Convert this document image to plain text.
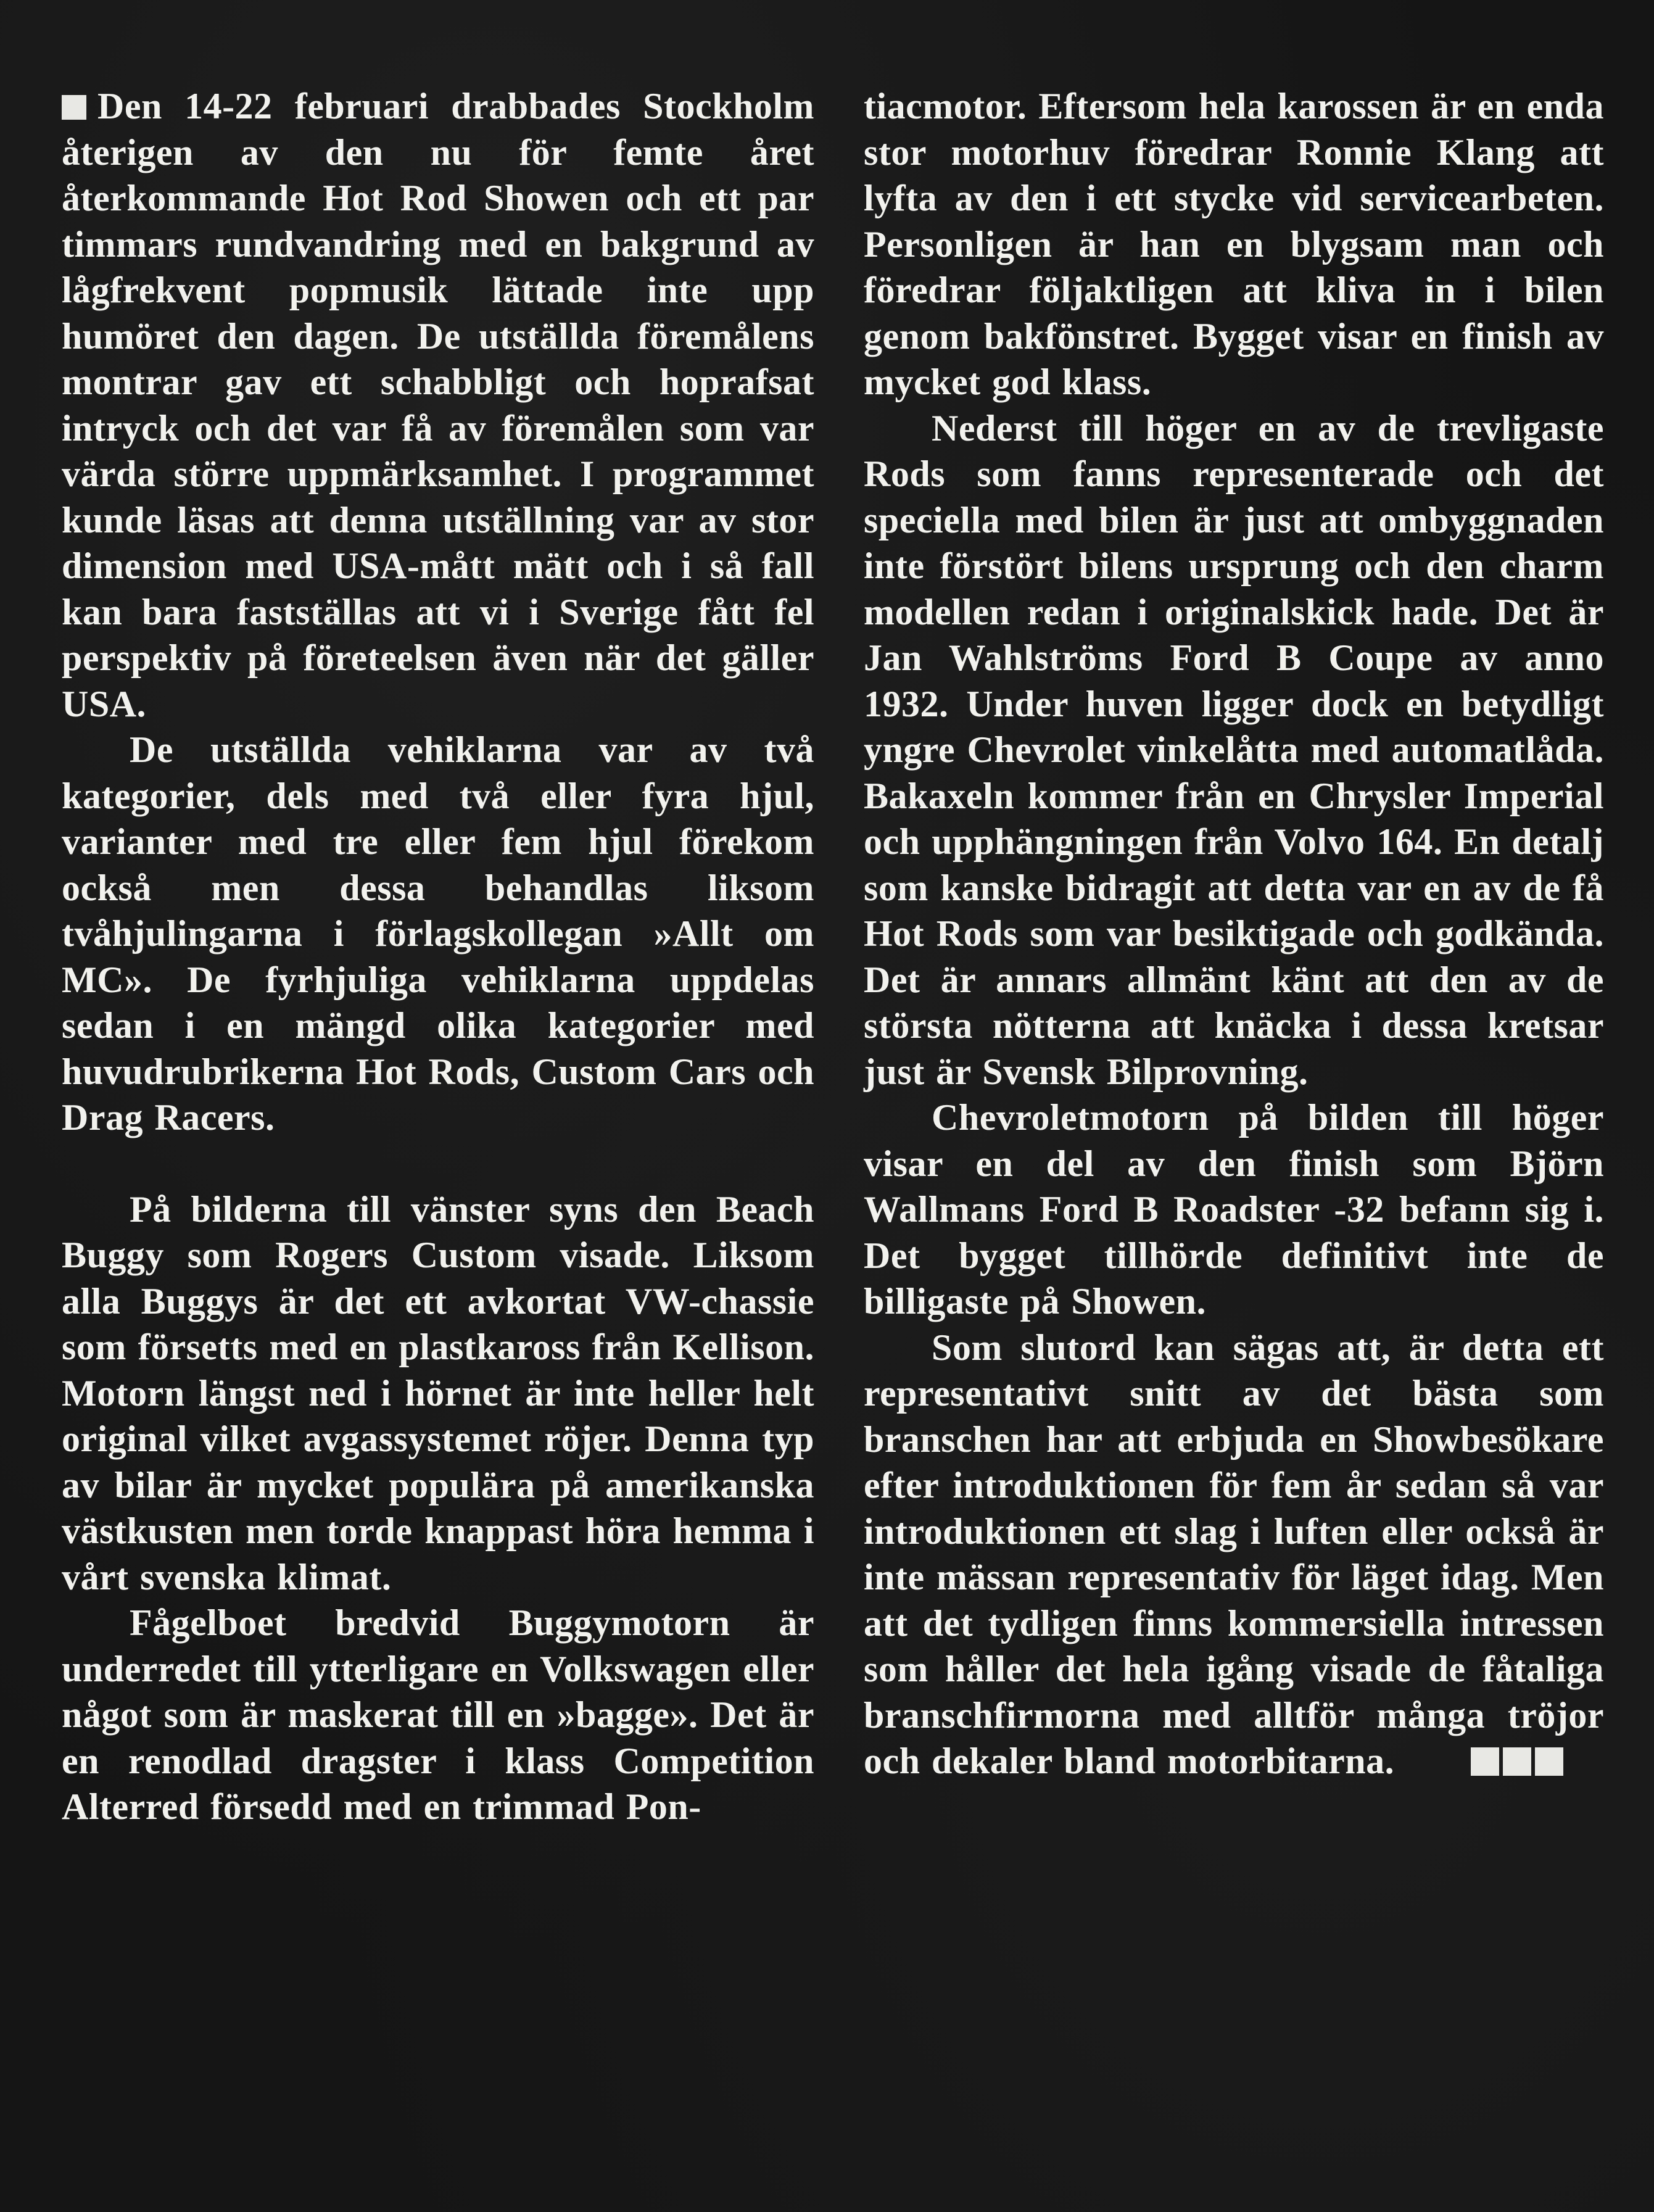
Den 14-22 februari drabbades Stockholm återigen av den nu för femte året återkommande Hot Rod Showen och ett par timmars rundvandring med en bakgrund av lågfrekvent popmusik lättade inte upp humöret den dagen. De utställda föremålens montrar gav ett schabbligt och hoprafsat intryck och det var få av föremålen som var värda större uppmärksamhet. I programmet kunde läsas att denna utställning var av stor dimension med USA-mått mätt och i så fall kan bara fastställas att vi i Sverige fått fel perspektiv på företeelsen även när det gäller USA.

De utställda vehiklarna var av två kategorier, dels med två eller fyra hjul, varianter med tre eller fem hjul förekom också men dessa behandlas liksom tvåhjulingarna i förlagskollegan »Allt om MC». De fyrhjuliga vehiklarna uppdelas sedan i en mängd olika kategorier med huvudrubrikerna Hot Rods, Custom Cars och Drag Racers.

På bilderna till vänster syns den Beach Buggy som Rogers Custom visade. Liksom alla Buggys är det ett avkortat VW-chassie som försetts med en plastkaross från Kellison. Motorn längst ned i hörnet är inte heller helt original vilket avgassystemet röjer. Denna typ av bilar är mycket populära på amerikanska västkusten men torde knappast höra hemma i vårt svenska klimat.

Fågelboet bredvid Buggymotorn är underredet till ytterligare en Volkswagen eller något som är maskerat till en »bagge». Det är en renodlad dragster i klass Competition Alterred försedd med en trimmad Pon-

tiacmotor. Eftersom hela karossen är en enda stor motorhuv föredrar Ronnie Klang att lyfta av den i ett stycke vid servicearbeten. Personligen är han en blygsam man och föredrar följaktligen att kliva in i bilen genom bakfönstret. Bygget visar en finish av mycket god klass.

Nederst till höger en av de trevligaste Rods som fanns representerade och det speciella med bilen är just att ombyggnaden inte förstört bilens ursprung och den charm modellen redan i originalskick hade. Det är Jan Wahlströms Ford B Coupe av anno 1932. Under huven ligger dock en betydligt yngre Chevrolet vinkelåtta med automatlåda. Bakaxeln kommer från en Chrysler Imperial och upphängningen från Volvo 164. En detalj som kanske bidragit att detta var en av de få Hot Rods som var besiktigade och godkända. Det är annars allmänt känt att den av de största nötterna att knäcka i dessa kretsar just är Svensk Bilprovning.

Chevroletmotorn på bilden till höger visar en del av den finish som Björn Wallmans Ford B Roadster -32 befann sig i. Det bygget tillhörde definitivt inte de billigaste på Showen.

Som slutord kan sägas att, är detta ett representativt snitt av det bästa som branschen har att erbjuda en Showbesökare efter introduktionen för fem år sedan så var introduktionen ett slag i luften eller också är inte mässan representativ för läget idag. Men att det tydligen finns kommersiella intressen som håller det hela igång visade de fåtaliga branschfirmorna med alltför många tröjor och dekaler bland motorbitarna.
